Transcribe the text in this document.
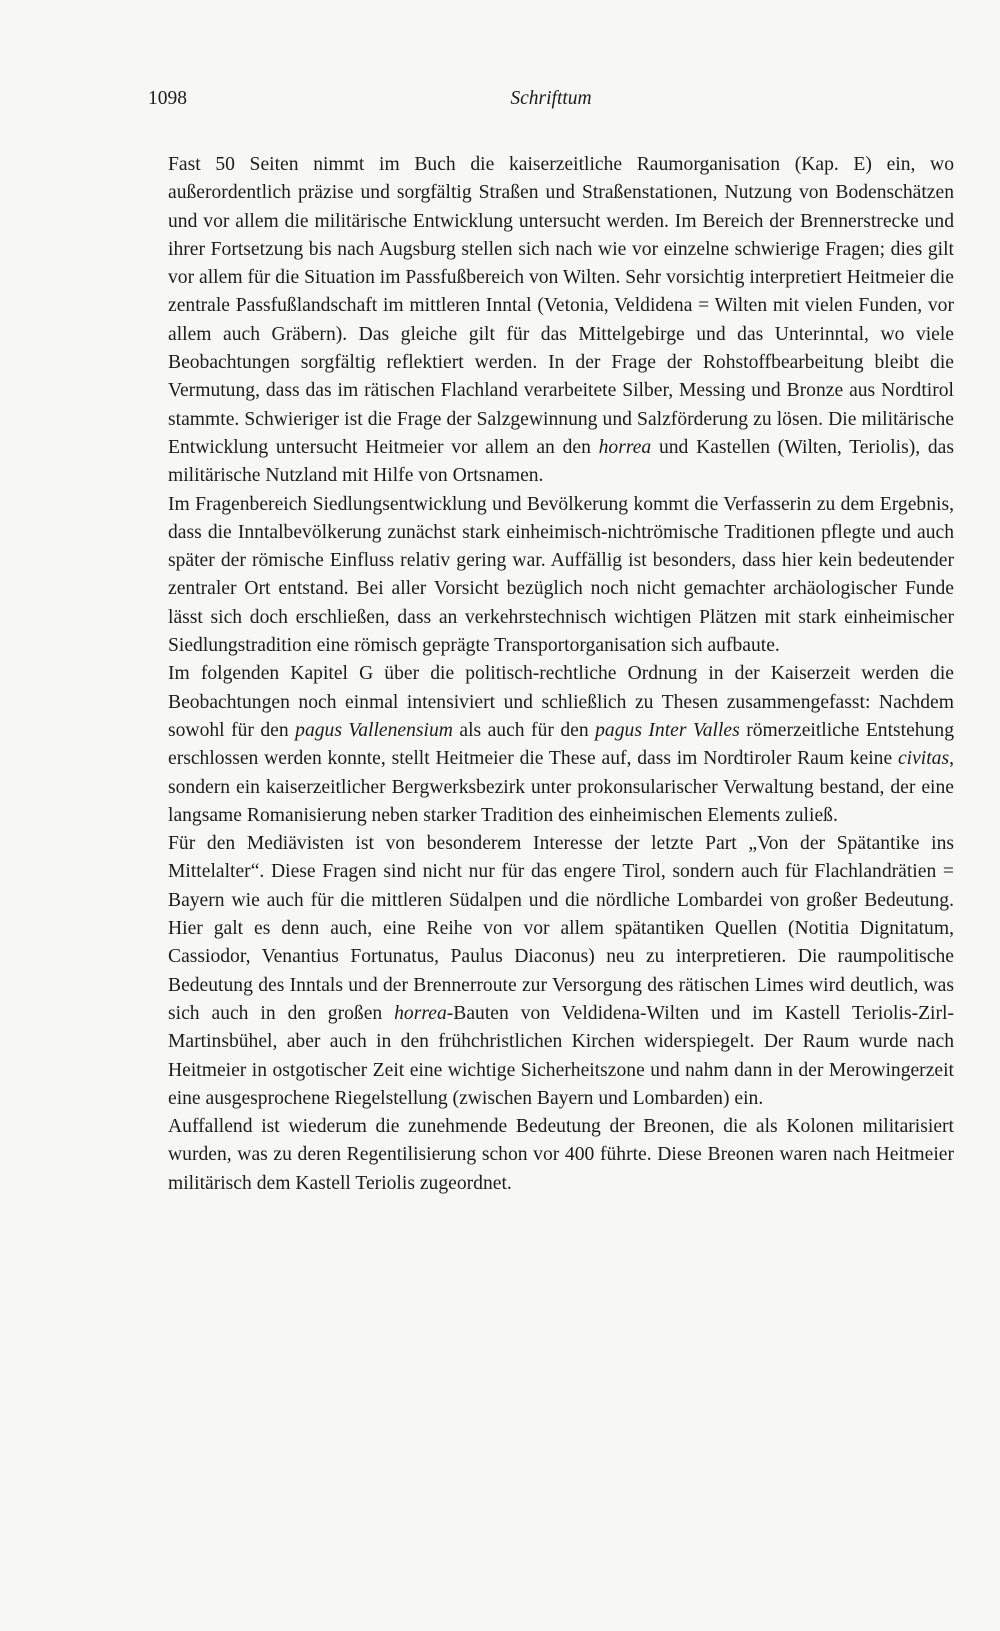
1098	Schrifttum

Fast 50 Seiten nimmt im Buch die kaiserzeitliche Raumorganisation (Kap. E) ein, wo außerordentlich präzise und sorgfältig Straßen und Straßenstationen, Nutzung von Bodenschätzen und vor allem die militärische Entwicklung untersucht werden. Im Bereich der Brennerstrecke und ihrer Fortsetzung bis nach Augsburg stellen sich nach wie vor einzelne schwierige Fragen; dies gilt vor allem für die Situation im Passfußbereich von Wilten. Sehr vorsichtig interpretiert Heitmeier die zentrale Passfußlandschaft im mittleren Inntal (Vetonia, Veldidena = Wilten mit vielen Funden, vor allem auch Gräbern). Das gleiche gilt für das Mittelgebirge und das Unterinntal, wo viele Beobachtungen sorgfältig reflektiert werden. In der Frage der Rohstoffbearbeitung bleibt die Vermutung, dass das im rätischen Flachland verarbeitete Silber, Messing und Bronze aus Nordtirol stammte. Schwieriger ist die Frage der Salzgewinnung und Salzförderung zu lösen. Die militärische Entwicklung untersucht Heitmeier vor allem an den horrea und Kastellen (Wilten, Teriolis), das militärische Nutzland mit Hilfe von Ortsnamen.

Im Fragenbereich Siedlungsentwicklung und Bevölkerung kommt die Verfasserin zu dem Ergebnis, dass die Inntalbevölkerung zunächst stark einheimisch-nichtrömische Traditionen pflegte und auch später der römische Einfluss relativ gering war. Auffällig ist besonders, dass hier kein bedeutender zentraler Ort entstand. Bei aller Vorsicht bezüglich noch nicht gemachter archäologischer Funde lässt sich doch erschließen, dass an verkehrstechnisch wichtigen Plätzen mit stark einheimischer Siedlungstradition eine römisch geprägte Transportorganisation sich aufbaute.

Im folgenden Kapitel G über die politisch-rechtliche Ordnung in der Kaiserzeit werden die Beobachtungen noch einmal intensiviert und schließlich zu Thesen zusammengefasst: Nachdem sowohl für den pagus Vallenensium als auch für den pagus Inter Valles römerzeitliche Entstehung erschlossen werden konnte, stellt Heitmeier die These auf, dass im Nordtiroler Raum keine civitas, sondern ein kaiserzeitlicher Bergwerksbezirk unter prokonsularischer Verwaltung bestand, der eine langsame Romanisierung neben starker Tradition des einheimischen Elements zuließ.

Für den Mediävisten ist von besonderem Interesse der letzte Part „Von der Spätantike ins Mittelalter“. Diese Fragen sind nicht nur für das engere Tirol, sondern auch für Flachlandrätien = Bayern wie auch für die mittleren Südalpen und die nördliche Lombardei von großer Bedeutung. Hier galt es denn auch, eine Reihe von vor allem spätantiken Quellen (Notitia Dignitatum, Cassiodor, Venantius Fortunatus, Paulus Diaconus) neu zu interpretieren. Die raumpolitische Bedeutung des Inntals und der Brennerroute zur Versorgung des rätischen Limes wird deutlich, was sich auch in den großen horrea-Bauten von Veldidena-Wilten und im Kastell Teriolis-Zirl-Martinsbühel, aber auch in den frühchristlichen Kirchen widerspiegelt. Der Raum wurde nach Heitmeier in ostgotischer Zeit eine wichtige Sicherheitszone und nahm dann in der Merowingerzeit eine ausgesprochene Riegelstellung (zwischen Bayern und Lombarden) ein.

Auffallend ist wiederum die zunehmende Bedeutung der Breonen, die als Kolonen militarisiert wurden, was zu deren Regentilisierung schon vor 400 führte. Diese Breonen waren nach Heitmeier militärisch dem Kastell Teriolis zugeordnet.
